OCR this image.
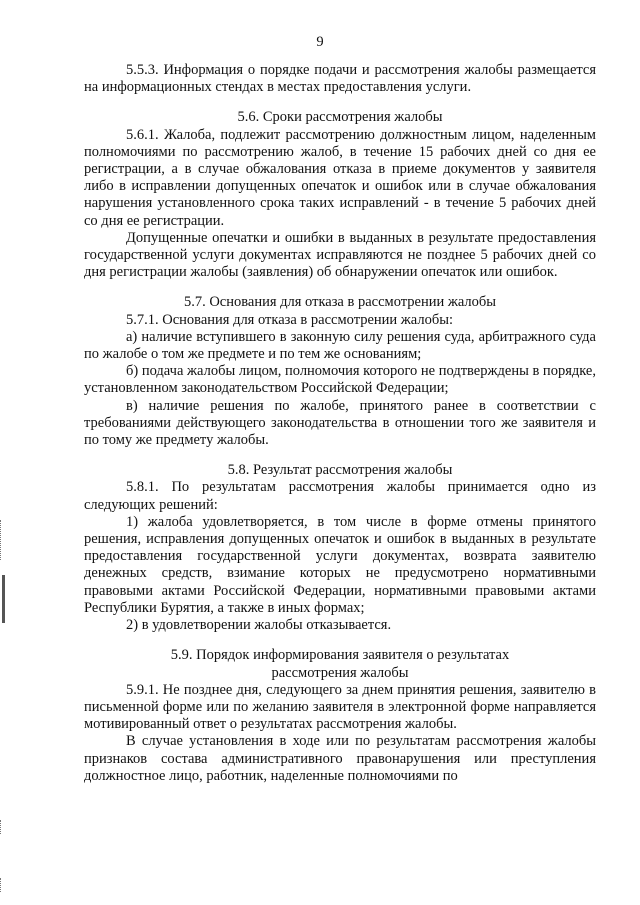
9

5.5.3. Информация о порядке подачи и рассмотрения жалобы размещается на информационных стендах в местах предоставления услуги.

5.6. Сроки рассмотрения жалобы

5.6.1. Жалоба, подлежит рассмотрению должностным лицом, наделенным полномочиями по рассмотрению жалоб, в течение 15 рабочих дней со дня ее регистрации, а в случае обжалования отказа в приеме документов у заявителя либо в исправлении допущенных опечаток и ошибок или в случае обжалования нарушения установленного срока таких исправлений - в течение 5 рабочих дней со дня ее регистрации.

Допущенные опечатки и ошибки в выданных в результате предоставления государственной услуги документах исправляются не позднее 5 рабочих дней со дня регистрации жалобы (заявления) об обнаружении опечаток или ошибок.

5.7. Основания для отказа в рассмотрении жалобы

5.7.1. Основания для отказа в рассмотрении жалобы:

а) наличие вступившего в законную силу решения суда, арбитражного суда по жалобе о том же предмете и по тем же основаниям;

б) подача жалобы лицом, полномочия которого не подтверждены в порядке, установленном законодательством Российской Федерации;

в) наличие решения по жалобе, принятого ранее в соответствии с требованиями действующего законодательства в отношении того же заявителя и по тому же предмету жалобы.

5.8. Результат рассмотрения жалобы

5.8.1. По результатам рассмотрения жалобы принимается одно из следующих решений:

1) жалоба удовлетворяется, в том числе в форме отмены принятого решения, исправления допущенных опечаток и ошибок в выданных в результате предоставления государственной услуги документах, возврата заявителю денежных средств, взимание которых не предусмотрено нормативными правовыми актами Российской Федерации, нормативными правовыми актами Республики Бурятия, а также в иных формах;

2) в удовлетворении жалобы отказывается.

5.9. Порядок информирования заявителя о результатах
рассмотрения жалобы

5.9.1. Не позднее дня, следующего за днем принятия решения, заявителю в письменной форме или по желанию заявителя в электронной форме направляется мотивированный ответ о результатах рассмотрения жалобы.

В случае установления в ходе или по результатам рассмотрения жалобы признаков состава административного правонарушения или преступления должностное лицо, работник, наделенные полномочиями по
